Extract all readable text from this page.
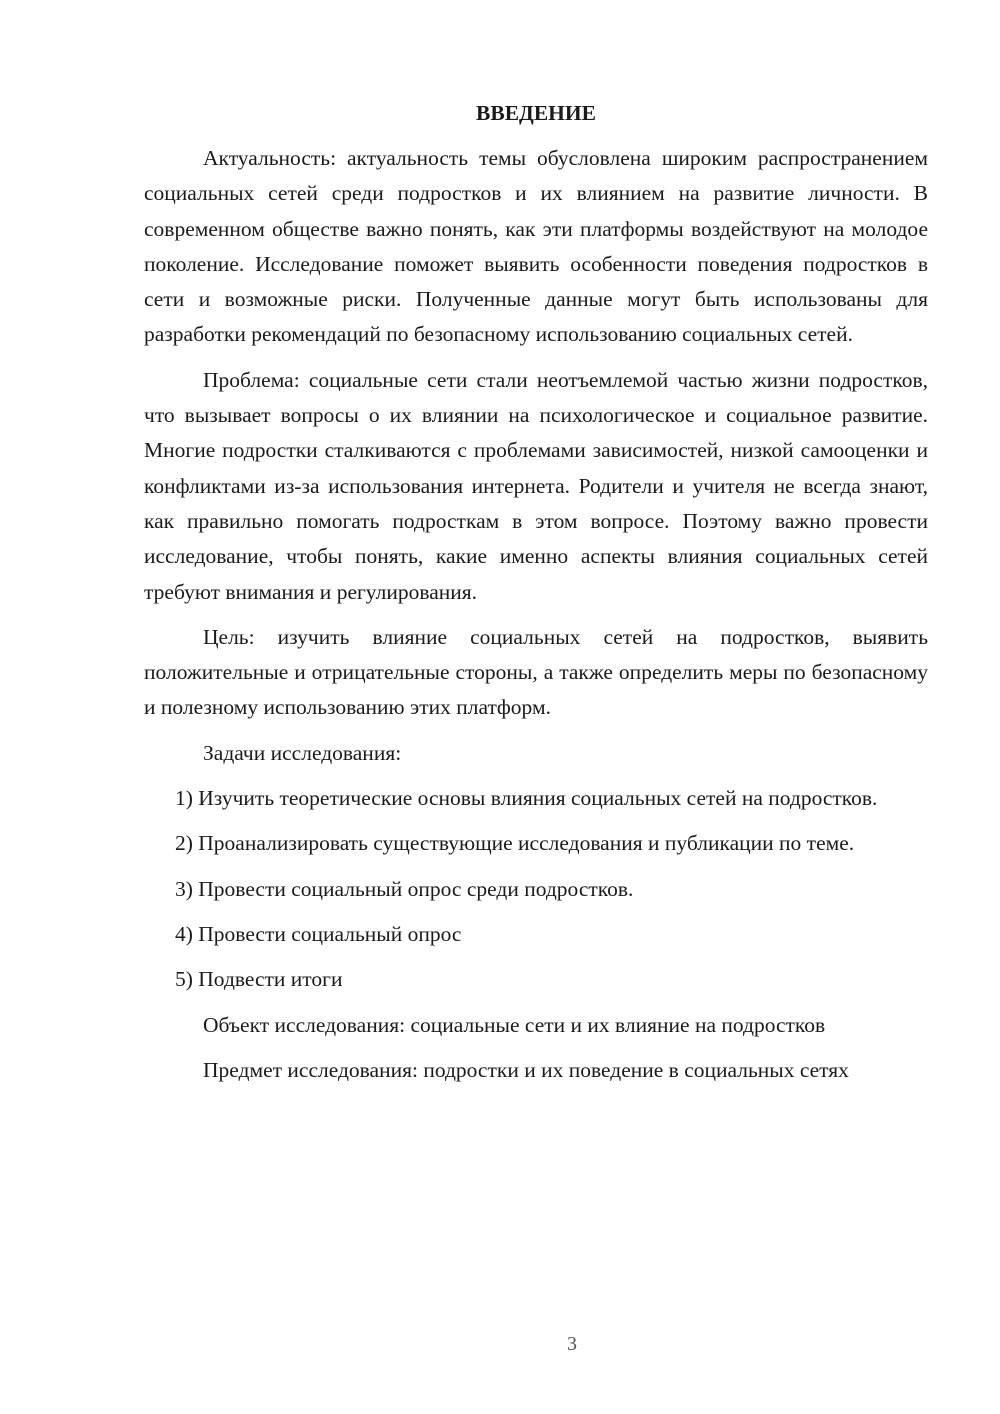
ВВЕДЕНИЕ
Актуальность: актуальность темы обусловлена широким распространением социальных сетей среди подростков и их влиянием на развитие личности. В современном обществе важно понять, как эти платформы воздействуют на молодое поколение. Исследование поможет выявить особенности поведения подростков в сети и возможные риски. Полученные данные могут быть использованы для разработки рекомендаций по безопасному использованию социальных сетей.
Проблема: социальные сети стали неотъемлемой частью жизни подростков, что вызывает вопросы о их влиянии на психологическое и социальное развитие. Многие подростки сталкиваются с проблемами зависимостей, низкой самооценки и конфликтами из-за использования интернета. Родители и учителя не всегда знают, как правильно помогать подросткам в этом вопросе. Поэтому важно провести исследование, чтобы понять, какие именно аспекты влияния социальных сетей требуют внимания и регулирования.
Цель: изучить влияние социальных сетей на подростков, выявить положительные и отрицательные стороны, а также определить меры по безопасному и полезному использованию этих платформ.
Задачи исследования:
1) Изучить теоретические основы влияния социальных сетей на подростков.
2) Проанализировать существующие исследования и публикации по теме.
3) Провести социальный опрос среди подростков.
4) Провести социальный опрос
5) Подвести итоги
Объект исследования: социальные сети и их влияние на подростков
Предмет исследования: подростки и их поведение в социальных сетях
3
